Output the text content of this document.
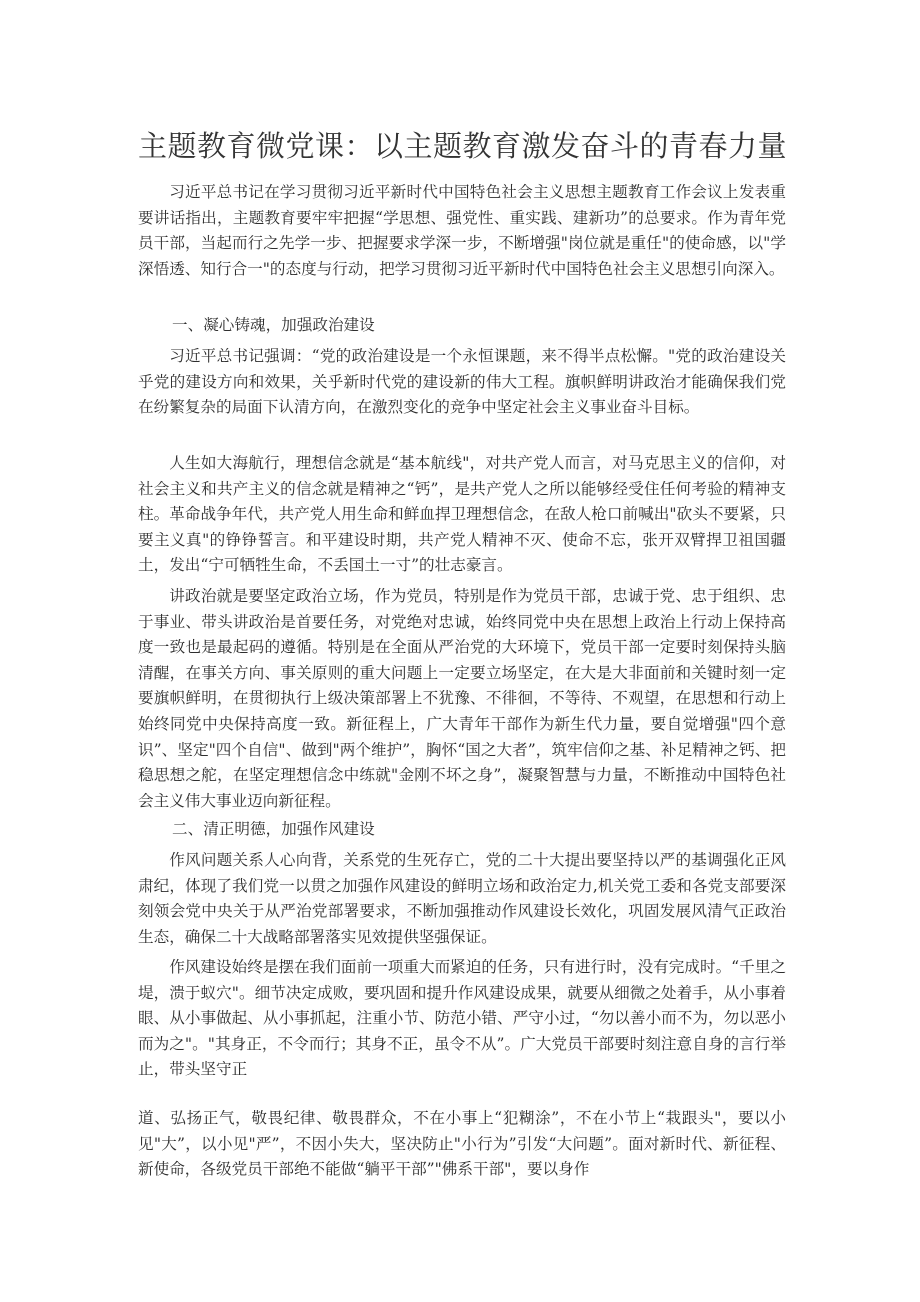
主题教育微党课：以主题教育激发奋斗的青春力量

习近平总书记在学习贯彻习近平新时代中国特色社会主义思想主题教育工作会议上发表重要讲话指出，主题教育要牢牢把握“学思想、强党性、重实践、建新功”的总要求。作为青年党员干部，当起而行之先学一步、把握要求学深一步，不断增强"岗位就是重任"的使命感，以"学深悟透、知行合一"的态度与行动，把学习贯彻习近平新时代中国特色社会主义思想引向深入。

一、凝心铸魂，加强政治建设

习近平总书记强调：“党的政治建设是一个永恒课题，来不得半点松懈。"党的政治建设关乎党的建设方向和效果，关乎新时代党的建设新的伟大工程。旗帜鲜明讲政治才能确保我们党在纷繁复杂的局面下认清方向，在激烈变化的竞争中坚定社会主义事业奋斗目标。

人生如大海航行，理想信念就是“基本航线"，对共产党人而言，对马克思主义的信仰，对社会主义和共产主义的信念就是精神之“钙”，是共产党人之所以能够经受住任何考验的精神支柱。革命战争年代，共产党人用生命和鲜血捍卫理想信念，在敌人枪口前喊出"砍头不要紧，只要主义真"的铮铮誓言。和平建设时期，共产党人精神不灭、使命不忘，张开双臂捍卫祖国疆土，发出“宁可牺牲生命，不丢国土一寸”的壮志豪言。

讲政治就是要坚定政治立场，作为党员，特别是作为党员干部，忠诚于党、忠于组织、忠于事业、带头讲政治是首要任务，对党绝对忠诚，始终同党中央在思想上政治上行动上保持高度一致也是最起码的遵循。特别是在全面从严治党的大环境下，党员干部一定要时刻保持头脑清醒，在事关方向、事关原则的重大问题上一定要立场坚定，在大是大非面前和关键时刻一定要旗帜鲜明，在贯彻执行上级决策部署上不犹豫、不徘徊，不等待、不观望，在思想和行动上始终同党中央保持高度一致。新征程上，广大青年干部作为新生代力量，要自觉增强"四个意识”、坚定"四个自信"、做到"两个维护”，胸怀“国之大者”，筑牢信仰之基、补足精神之钙、把稳思想之舵，在坚定理想信念中练就"金刚不坏之身”，凝聚智慧与力量，不断推动中国特色社会主义伟大事业迈向新征程。

二、清正明德，加强作风建设

作风问题关系人心向背，关系党的生死存亡，党的二十大提出要坚持以严的基调强化正风肃纪，体现了我们党一以贯之加强作风建设的鲜明立场和政治定力,机关党工委和各党支部要深刻领会党中央关于从严治党部署要求，不断加强推动作风建设长效化，巩固发展风清气正政治生态，确保二十大战略部署落实见效提供坚强保证。

作风建设始终是摆在我们面前一项重大而紧迫的任务，只有进行时，没有完成时。“千里之堤，溃于蚁穴"。细节决定成败，要巩固和提升作风建设成果，就要从细微之处着手，从小事着眼、从小事做起、从小事抓起，注重小节、防范小错、严守小过，“勿以善小而不为，勿以恶小而为之"。"其身正，不令而行；其身不正，虽令不从”。广大党员干部要时刻注意自身的言行举止，带头坚守正

道、弘扬正气，敬畏纪律、敬畏群众，不在小事上“犯糊涂”，不在小节上“栽跟头"，要以小见"大”，以小见"严”，不因小失大，坚决防止"小行为”引发“大问题”。面对新时代、新征程、新使命，各级党员干部绝不能做“躺平干部”"佛系干部"，要以身作
